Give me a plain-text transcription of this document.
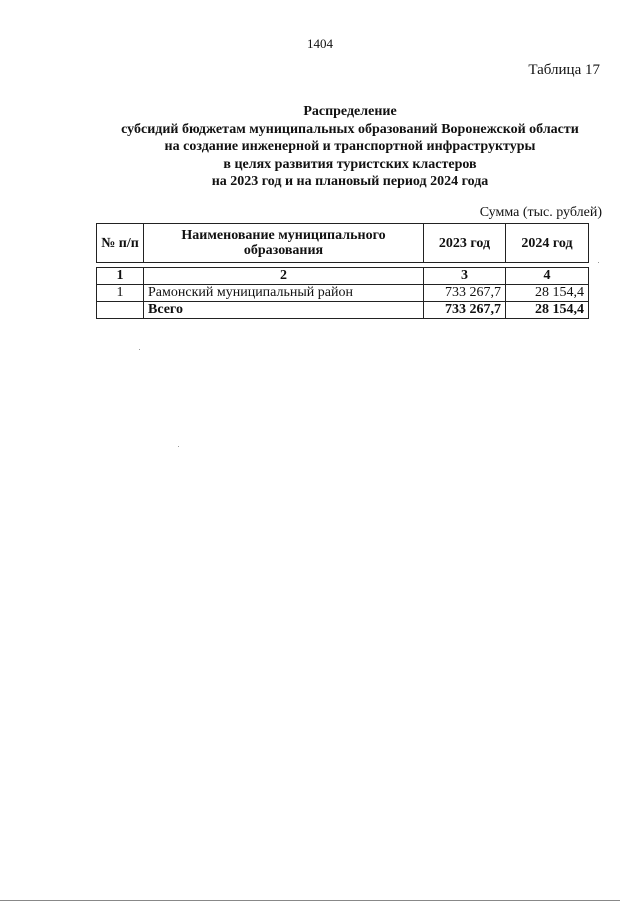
1404
Таблица 17
Распределение
субсидий бюджетам муниципальных образований Воронежской области
на создание инженерной и транспортной инфраструктуры
в целях развития туристских кластеров
на 2023 год и на плановый период 2024 года
Сумма (тыс. рублей)
№ п/п	Наименование муниципального образования	2023 год	2024 год
1	2	3	4
1	Рамонский муниципальный район	733 267,7	28 154,4
	Всего	733 267,7	28 154,4
